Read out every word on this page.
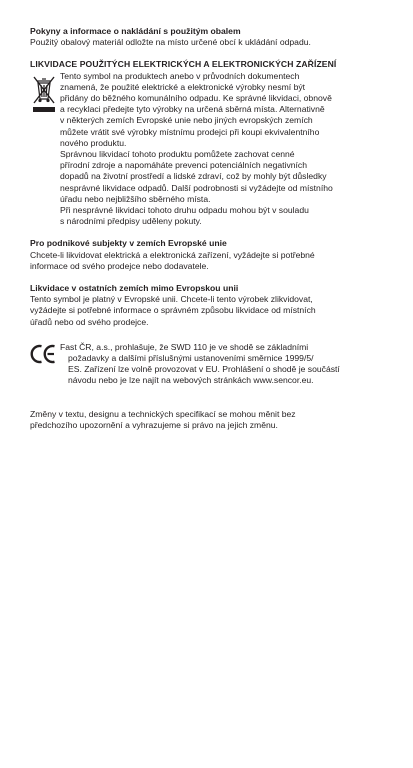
Pokyny a informace o nakládání s použitým obalem

Použitý obalový materiál odložte na místo určené obcí k ukládání odpadu.

LIKVIDACE POUŽITÝCH ELEKTRICKÝCH A ELEKTRONICKÝCH ZAŘÍZENÍ

Tento symbol na produktech anebo v průvodních dokumentech
znamená, že použité elektrické a elektronické výrobky nesmí být
přidány do běžného komunálního odpadu. Ke správné likvidaci, obnově
a recyklaci předejte tyto výrobky na určená sběrná místa. Alternativně
v některých zemích Evropské unie nebo jiných evropských zemích
můžete vrátit své výrobky místnímu prodejci při koupi ekvivalentního
nového produktu.
Správnou likvidací tohoto produktu pomůžete zachovat cenné
přírodní zdroje a napomáháte prevenci potenciálních negativních
dopadů na životní prostředí a lidské zdraví, což by mohly být důsledky
nesprávné likvidace odpadů. Další podrobnosti si vyžádejte od místního
úřadu nebo nejbližšího sběrného místa.
Při nesprávné likvidaci tohoto druhu odpadu mohou být v souladu
s národními předpisy uděleny pokuty.

Pro podnikové subjekty v zemích Evropské unie

Chcete-li likvidovat elektrická a elektronická zařízení, vyžádejte si potřebné
informace od svého prodejce nebo dodavatele.

Likvidace v ostatních zemích mimo Evropskou unii

Tento symbol je platný v Evropské unii. Chcete-li tento výrobek zlikvidovat,
vyžádejte si potřebné informace o správném způsobu likvidace od místních
úřadů nebo od svého prodejce.
Fast ČR, a.s., prohlašuje, že SWD 110 je ve shodě se základními
požadavky a dalšími příslušnými ustanoveními směrnice 1999/5/
ES. Zařízení lze volně provozovat v EU. Prohlášení o shodě je součástí
návodu nebo je lze najít na webových stránkách www.sencor.eu.
Změny v textu, designu a technických specifikací se mohou měnit bez
předchozího upozornění a vyhrazujeme si právo na jejich změnu.
